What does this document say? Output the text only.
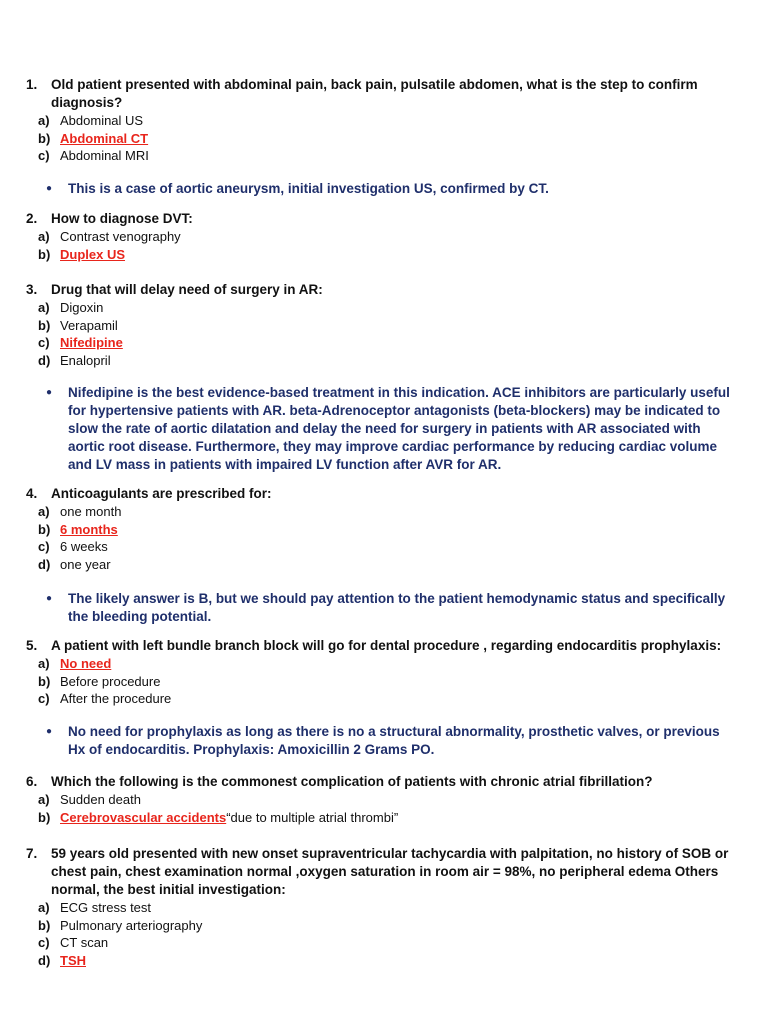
1.	Old patient presented with abdominal pain, back pain, pulsatile abdomen, what is the step to confirm diagnosis?
a) Abdominal US
b) Abdominal CT
c) Abdominal MRI
●	This is a case of aortic aneurysm, initial investigation US, confirmed by CT.
2.	How to diagnose DVT:
a) Contrast venography
b) Duplex US
3.	Drug that will delay need of surgery in AR:
a) Digoxin
b) Verapamil
c) Nifedipine
d) Enalopril
●	Nifedipine is the best evidence-based treatment in this indication. ACE inhibitors are particularly useful for hypertensive patients with AR. beta-Adrenoceptor antagonists (beta-blockers) may be indicated to slow the rate of aortic dilatation and delay the need for surgery in patients with AR associated with aortic root disease. Furthermore, they may improve cardiac performance by reducing cardiac volume and LV mass in patients with impaired LV function after AVR for AR.
4.	Anticoagulants are prescribed for:
a) one month
b) 6 months
c) 6 weeks
d) one year
●	The likely answer is B, but we should pay attention to the patient hemodynamic status and specifically the bleeding potential.
5.	A patient with left bundle branch block will go for dental procedure , regarding endocarditis prophylaxis:
a) No need
b) Before procedure
c) After the procedure
●	No need for prophylaxis as long as there is no a structural abnormality, prosthetic valves, or previous Hx of endocarditis. Prophylaxis: Amoxicillin 2 Grams PO.
6.	Which the following is the commonest complication of patients with chronic atrial fibrillation?
a) Sudden death
b) Cerebrovascular accidents “due to multiple atrial thrombi”
7.	59 years old presented with new onset supraventricular tachycardia with palpitation, no history of SOB or chest pain, chest examination normal ,oxygen saturation in room air = 98%, no peripheral edema Others normal, the best initial investigation:
a) ECG stress test
b) Pulmonary arteriography
c) CT scan
d) TSH
